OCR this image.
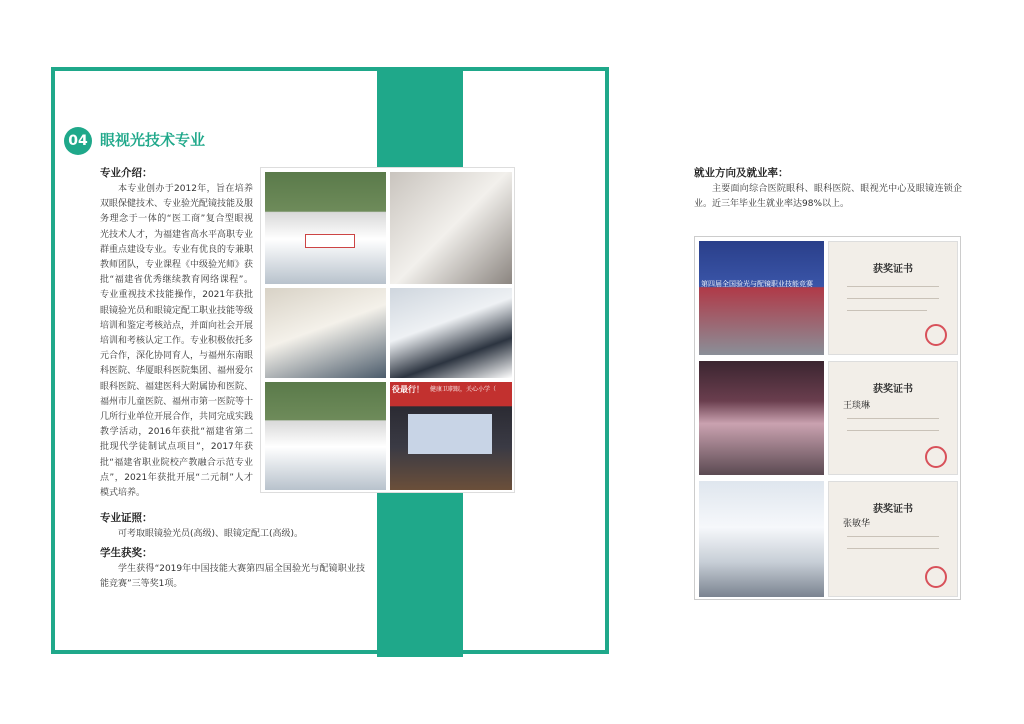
04 眼视光技术专业
专业介绍：
本专业创办于2012年，旨在培养双眼保健技术、专业验光配镜技能及服务理念于一体的“医工商”复合型眼视光技术人才，为福建省高水平高职专业群重点建设专业。专业有优良的专兼职教师团队，专业课程《中级验光师》获批“福建省优秀继续教育网络课程”。专业重视技术技能操作，2021年获批眼镜验光员和眼镜定配工职业技能等级培训和鉴定考核站点，并面向社会开展培训和考核认定工作。专业积极依托多元合作，深化协同育人，与福州东南眼科医院、华厦眼科医院集团、福州爱尔眼科医院、福建医科大附属协和医院、福州市儿童医院、福州市第一医院等十几所行业单位开展合作，共同完成实践教学活动，2016年获批“福建省第二批现代学徒制试点项目”，2017年获批“福建省职业院校产教融合示范专业点”，2021年获批开展“二元制”人才模式培养。
役最行！ 健康卫职眼，关心小学（
专业证照：
可考取眼镜验光员(高级)、眼镜定配工(高级)。
学生获奖：
学生获得“2019年中国技能大赛第四届全国验光与配镜职业技能竞赛”三等奖1项。
就业方向及就业率：
主要面向综合医院眼科、眼科医院、眼视光中心及眼镜连锁企业。近三年毕业生就业率达98%以上。
第四届全国验光与配镜职业技能竞赛
获奖证书
获奖证书
王琰琳
获奖证书
张敏华
